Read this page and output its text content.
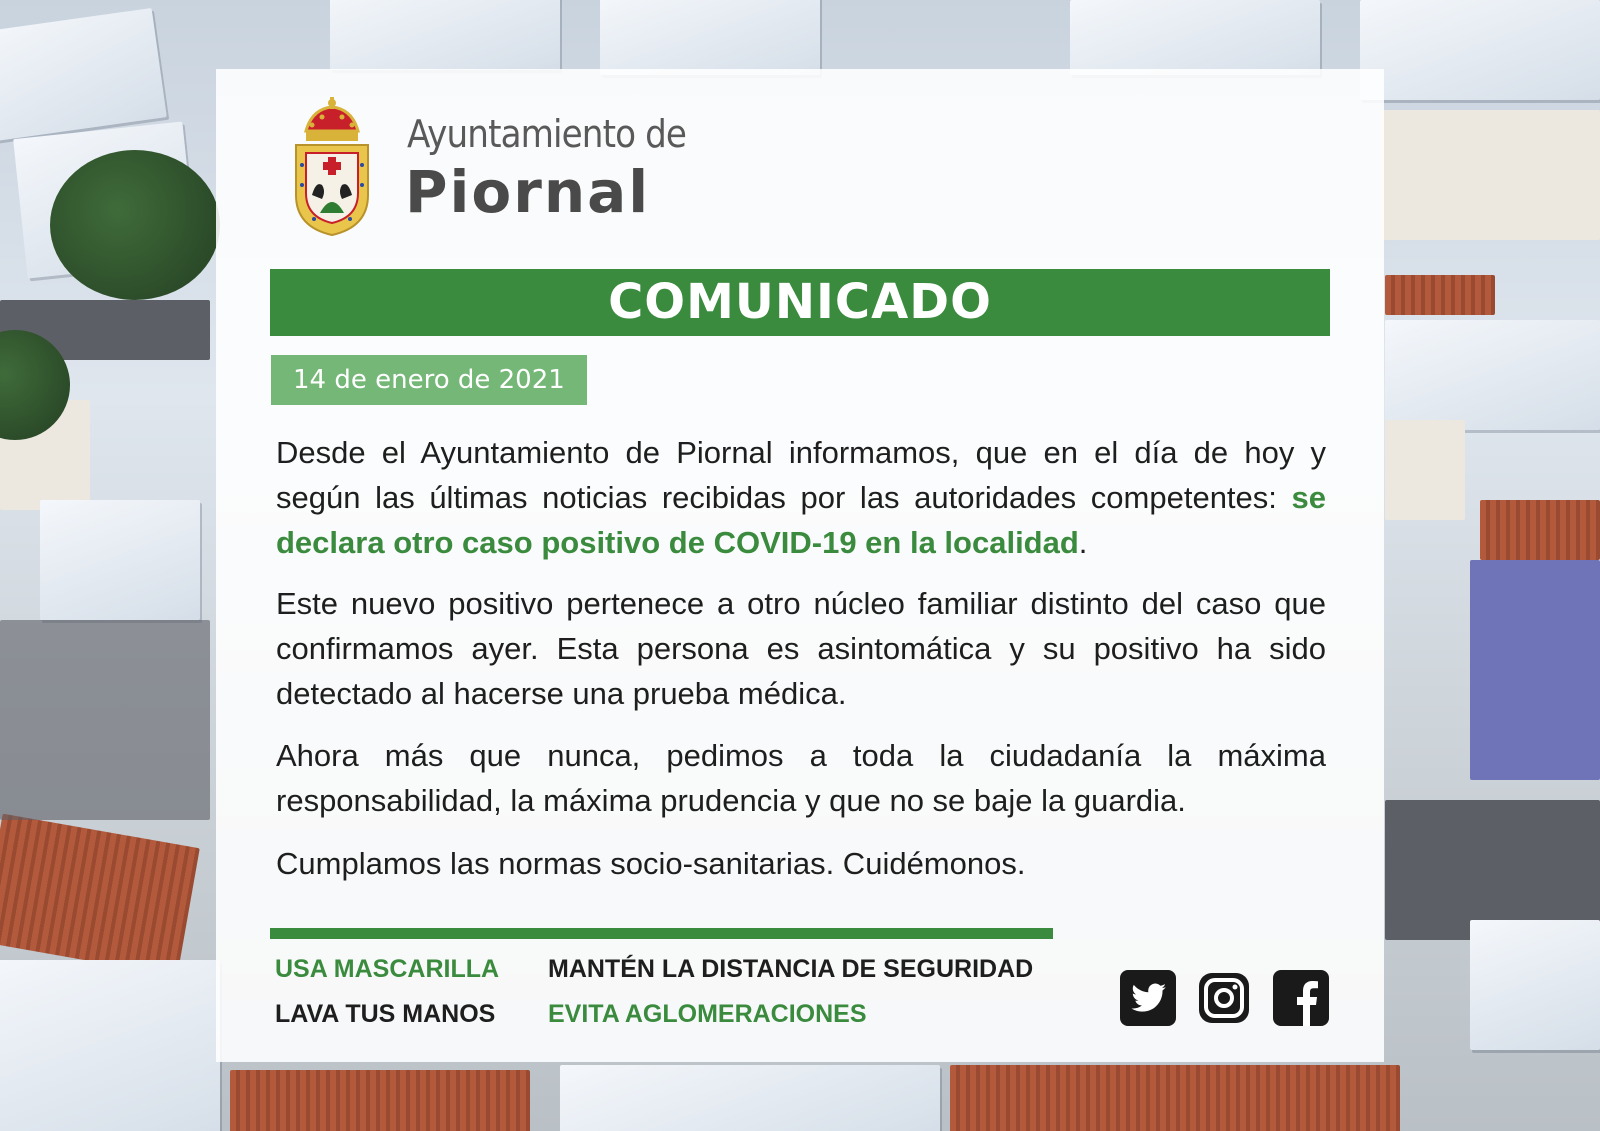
Ayuntamiento de
Piornal
COMUNICADO
14 de enero de 2021

Desde el Ayuntamiento de Piornal informamos, que en el día de hoy y según las últimas noticias recibidas por las autoridades competentes: se declara otro caso positivo de COVID-19 en la localidad.

Este nuevo positivo pertenece a otro núcleo familiar distinto del caso que confirmamos ayer. Esta persona es asintomática y su positivo ha sido detectado al hacerse una prueba médica.

Ahora más que nunca, pedimos a toda la ciudadanía la máxima responsabilidad, la máxima prudencia y que no se baje la guardia.

Cumplamos las normas socio-sanitarias. Cuidémonos.

USA MASCARILLA MANTÉN LA DISTANCIA DE SEGURIDAD
LAVA TUS MANOS EVITA AGLOMERACIONES
